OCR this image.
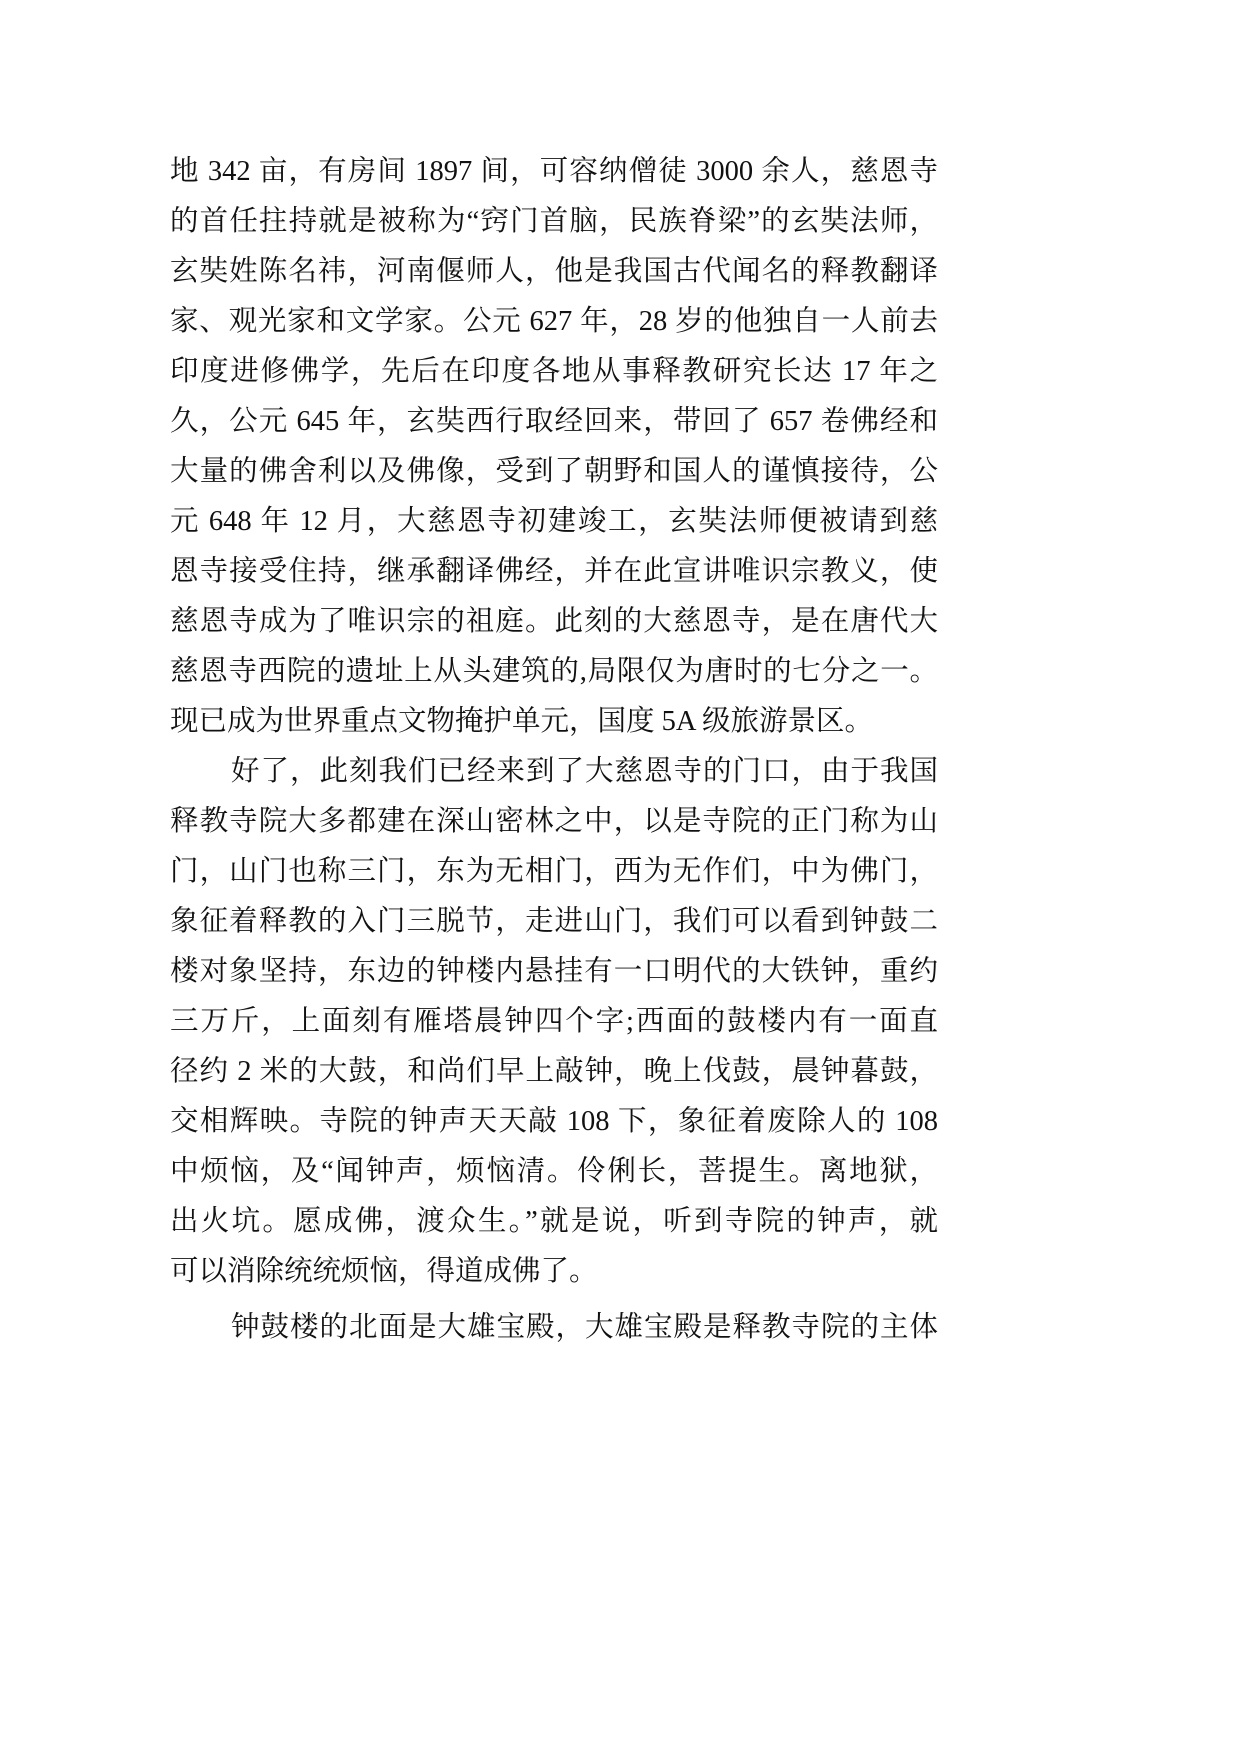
地 342 亩，有房间 1897 间，可容纳僧徒 3000 余人，慈恩寺
的首任拄持就是被称为“窍门首脑，民族脊梁”的玄奘法师，
玄奘姓陈名祎，河南偃师人，他是我国古代闻名的释教翻译
家、观光家和文学家。公元 627 年，28 岁的他独自一人前去
印度进修佛学，先后在印度各地从事释教研究长达 17 年之
久，公元 645 年，玄奘西行取经回来，带回了 657 卷佛经和
大量的佛舍利以及佛像，受到了朝野和国人的谨慎接待，公
元 648 年 12 月，大慈恩寺初建竣工，玄奘法师便被请到慈
恩寺接受住持，继承翻译佛经，并在此宣讲唯识宗教义，使
慈恩寺成为了唯识宗的祖庭。此刻的大慈恩寺，是在唐代大
慈恩寺西院的遗址上从头建筑的,局限仅为唐时的七分之一。
现已成为世界重点文物掩护单元，国度 5A 级旅游景区。
好了，此刻我们已经来到了大慈恩寺的门口，由于我国
释教寺院大多都建在深山密林之中，以是寺院的正门称为山
门，山门也称三门，东为无相门，西为无作们，中为佛门，
象征着释教的入门三脱节，走进山门，我们可以看到钟鼓二
楼对象坚持，东边的钟楼内悬挂有一口明代的大铁钟，重约
三万斤，上面刻有雁塔晨钟四个字;西面的鼓楼内有一面直
径约 2 米的大鼓，和尚们早上敲钟，晚上伐鼓，晨钟暮鼓，
交相辉映。寺院的钟声天天敲 108 下，象征着废除人的 108
中烦恼，及“闻钟声，烦恼清。伶俐长，菩提生。离地狱，
出火坑。愿成佛，渡众生。”就是说，听到寺院的钟声，就
可以消除统统烦恼，得道成佛了。
钟鼓楼的北面是大雄宝殿，大雄宝殿是释教寺院的主体
